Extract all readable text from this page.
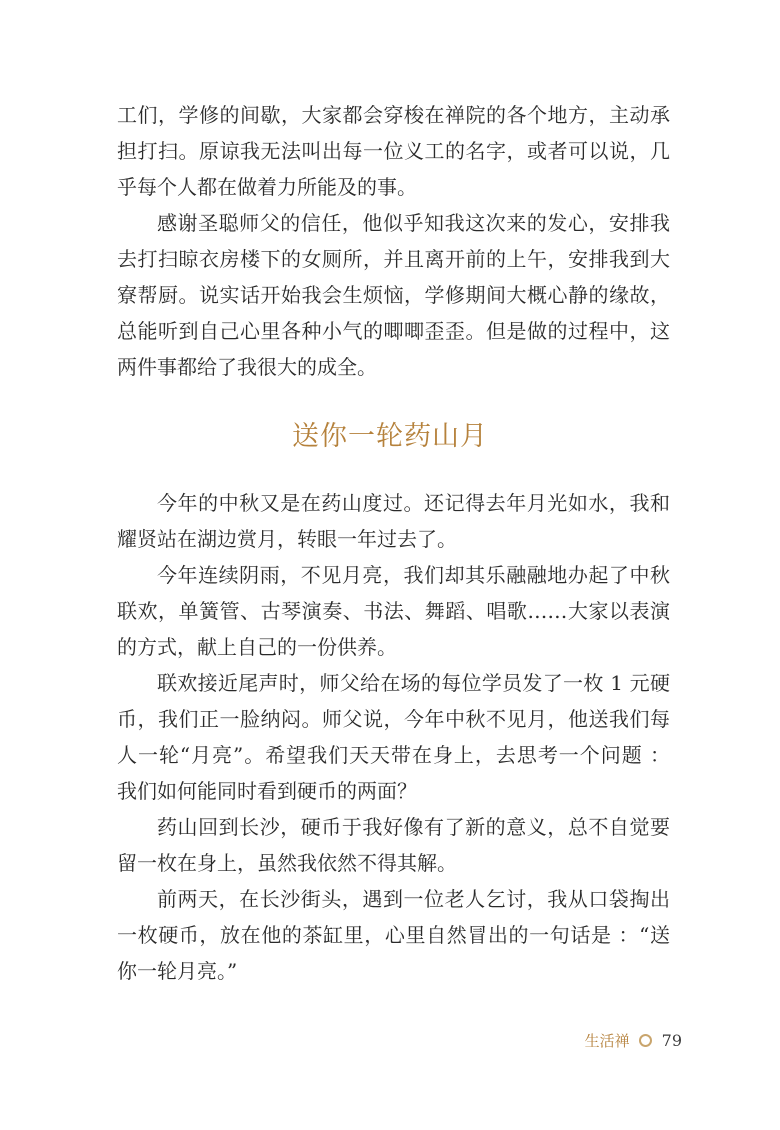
工们，学修的间歇，大家都会穿梭在禅院的各个地方，主动承
担打扫。原谅我无法叫出每一位义工的名字，或者可以说，几
乎每个人都在做着力所能及的事。
感谢圣聪师父的信任，他似乎知我这次来的发心，安排我
去打扫晾衣房楼下的女厕所，并且离开前的上午，安排我到大
寮帮厨。说实话开始我会生烦恼，学修期间大概心静的缘故，
总能听到自己心里各种小气的唧唧歪歪。但是做的过程中，这
两件事都给了我很大的成全。
送你一轮药山月
今年的中秋又是在药山度过。还记得去年月光如水，我和
耀贤站在湖边赏月，转眼一年过去了。
今年连续阴雨，不见月亮，我们却其乐融融地办起了中秋
联欢，单簧管、古琴演奏、书法、舞蹈、唱歌……大家以表演
的方式，献上自己的一份供养。
联欢接近尾声时，师父给在场的每位学员发了一枚 1 元硬
币，我们正一脸纳闷。师父说，今年中秋不见月，他送我们每
人一轮“月亮”。希望我们天天带在身上，去思考一个问题 ：
我们如何能同时看到硬币的两面？
药山回到长沙，硬币于我好像有了新的意义，总不自觉要
留一枚在身上，虽然我依然不得其解。
前两天，在长沙街头，遇到一位老人乞讨，我从口袋掏出
一枚硬币，放在他的茶缸里，心里自然冒出的一句话是 ：“送
你一轮月亮。”
生活禅 79
